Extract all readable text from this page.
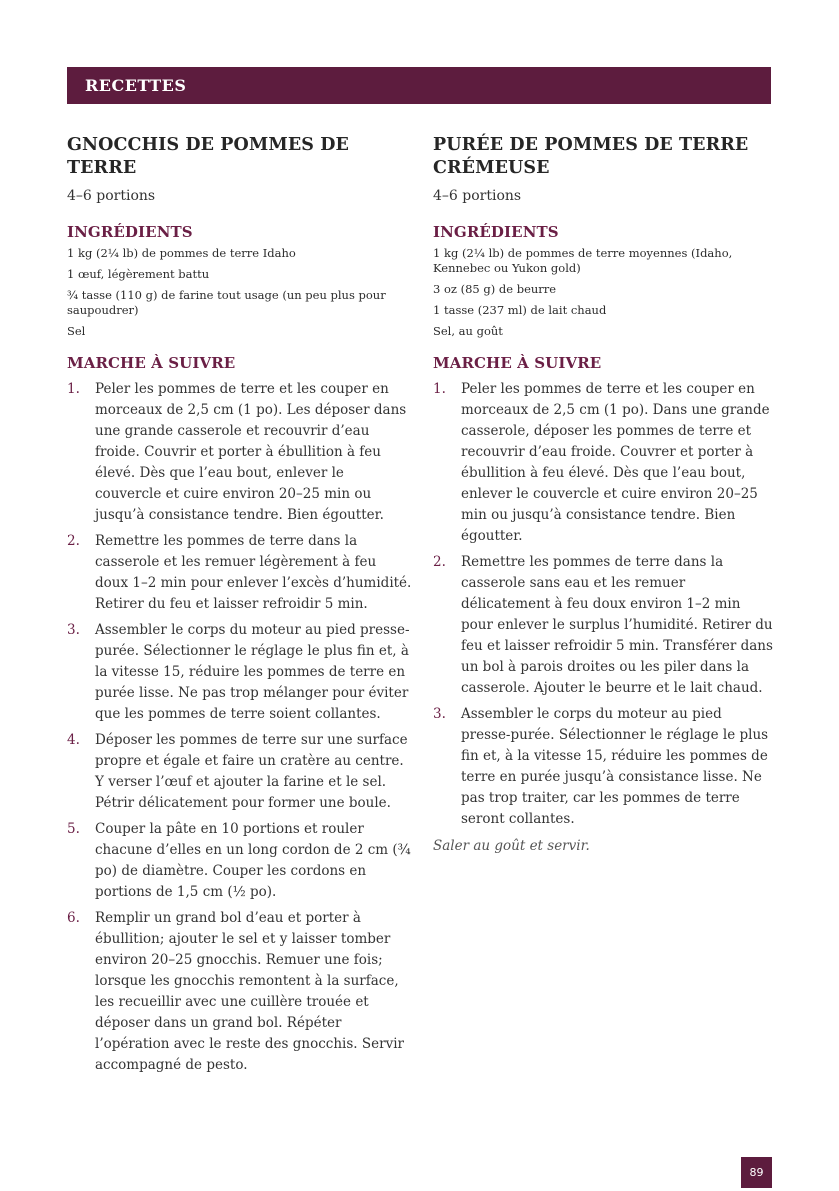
RECETTES
GNOCCHIS DE POMMES DE TERRE

4–6 portions

INGRÉDIENTS
1 kg (2¼ lb) de pommes de terre Idaho
1 œuf, légèrement battu
¾ tasse (110 g) de farine tout usage (un peu plus pour saupoudrer)
Sel
MARCHE À SUIVRE
1.	Peler les pommes de terre et les couper en morceaux de 2,5 cm (1 po). Les déposer dans une grande casserole et recouvrir d’eau froide. Couvrir et porter à ébullition à feu élevé. Dès que l’eau bout, enlever le couvercle et cuire environ 20–25 min ou jusqu’à consistance tendre. Bien égoutter.
2.	Remettre les pommes de terre dans la casserole et les remuer légèrement à feu doux 1–2 min pour enlever l’excès d’humidité. Retirer du feu et laisser refroidir 5 min.
3.	Assembler le corps du moteur au pied presse-purée. Sélectionner le réglage le plus fin et, à la vitesse 15, réduire les pommes de terre en purée lisse. Ne pas trop mélanger pour éviter que les pommes de terre soient collantes.
4.	Déposer les pommes de terre sur une surface propre et égale et faire un cratère au centre. Y verser l’œuf et ajouter la farine et le sel. Pétrir délicatement pour former une boule.
5.	Couper la pâte en 10 portions et rouler chacune d’elles en un long cordon de 2 cm (¾ po) de diamètre. Couper les cordons en portions de 1,5 cm (½ po).
6.	Remplir un grand bol d’eau et porter à ébullition; ajouter le sel et y laisser tomber environ 20–25 gnocchis. Remuer une fois; lorsque les gnocchis remontent à la surface, les recueillir avec une cuillère trouée et déposer dans un grand bol. Répéter l’opération avec le reste des gnocchis. Servir accompagné de pesto.
PURÉE DE POMMES DE TERRE CRÉMEUSE

4–6 portions

INGRÉDIENTS
1 kg (2¼ lb) de pommes de terre moyennes (Idaho, Kennebec ou Yukon gold)
3 oz (85 g) de beurre
1 tasse (237 ml) de lait chaud
Sel, au goût
MARCHE À SUIVRE
1.	Peler les pommes de terre et les couper en morceaux de 2,5 cm (1 po). Dans une grande casserole, déposer les pommes de terre et recouvrir d’eau froide. Couvrer et porter à ébullition à feu élevé. Dès que l’eau bout, enlever le couvercle et cuire environ 20–25 min ou jusqu’à consistance tendre. Bien égoutter.
2.	Remettre les pommes de terre dans la casserole sans eau et les remuer délicatement à feu doux environ 1–2 min pour enlever le surplus l’humidité. Retirer du feu et laisser refroidir 5 min. Transférer dans un bol à parois droites ou les piler dans la casserole. Ajouter le beurre et le lait chaud.
3.	Assembler le corps du moteur au pied presse-purée. Sélectionner le réglage le plus fin et, à la vitesse 15, réduire les pommes de terre en purée jusqu’à consistance lisse. Ne pas trop traiter, car les pommes de terre seront collantes.

Saler au goût et servir.

89
